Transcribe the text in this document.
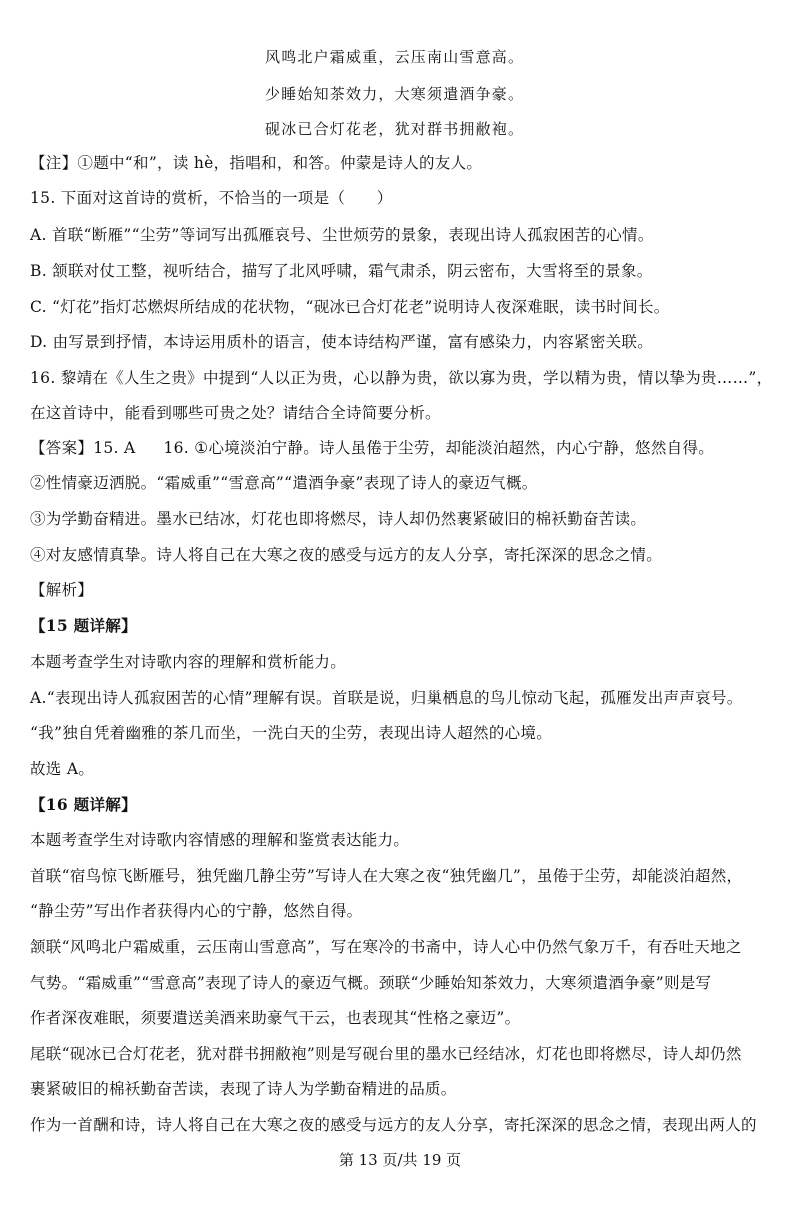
风鸣北户霜威重，云压南山雪意高。
少睡始知茶效力，大寒须遣酒争豪。
砚冰已合灯花老，犹对群书拥敝袍。
【注】①题中“和”，读 hè，指唱和，和答。仲蒙是诗人的友人。
15. 下面对这首诗的赏析，不恰当的一项是（　　）
A. 首联“断雁”“尘劳”等词写出孤雁哀号、尘世烦劳的景象，表现出诗人孤寂困苦的心情。
B. 颔联对仗工整，视听结合，描写了北风呼啸，霜气肃杀，阴云密布，大雪将至的景象。
C. “灯花”指灯芯燃烬所结成的花状物，“砚冰已合灯花老”说明诗人夜深难眠，读书时间长。
D. 由写景到抒情，本诗运用质朴的语言，使本诗结构严谨，富有感染力，内容紧密关联。
16. 黎靖在《人生之贵》中提到“人以正为贵，心以静为贵，欲以寡为贵，学以精为贵，情以挚为贵……”，
在这首诗中，能看到哪些可贵之处？请结合全诗简要分析。
【答案】15. A 16. ①心境淡泊宁静。诗人虽倦于尘劳，却能淡泊超然，内心宁静，悠然自得。
②性情豪迈洒脱。“霜威重”“雪意高”“遣酒争豪”表现了诗人的豪迈气概。
③为学勤奋精进。墨水已结冰，灯花也即将燃尽，诗人却仍然裹紧破旧的棉袄勤奋苦读。
④对友感情真挚。诗人将自己在大寒之夜的感受与远方的友人分享，寄托深深的思念之情。
【解析】
【15 题详解】
本题考查学生对诗歌内容的理解和赏析能力。
A.“表现出诗人孤寂困苦的心情”理解有误。首联是说，归巢栖息的鸟儿惊动飞起，孤雁发出声声哀号。
“我”独自凭着幽雅的茶几而坐，一洗白天的尘劳，表现出诗人超然的心境。
故选 A。
【16 题详解】
本题考查学生对诗歌内容情感的理解和鉴赏表达能力。
首联“宿鸟惊飞断雁号，独凭幽几静尘劳”写诗人在大寒之夜“独凭幽几”，虽倦于尘劳，却能淡泊超然，
“静尘劳”写出作者获得内心的宁静，悠然自得。
颔联“风鸣北户霜威重，云压南山雪意高”，写在寒冷的书斋中，诗人心中仍然气象万千，有吞吐天地之
气势。“霜威重”“雪意高”表现了诗人的豪迈气概。颈联“少睡始知茶效力，大寒须遣酒争豪”则是写
作者深夜难眠，须要遣送美酒来助豪气干云，也表现其“性格之豪迈”。
尾联“砚冰已合灯花老，犹对群书拥敝袍”则是写砚台里的墨水已经结冰，灯花也即将燃尽，诗人却仍然
裹紧破旧的棉袄勤奋苦读，表现了诗人为学勤奋精进的品质。
作为一首酬和诗，诗人将自己在大寒之夜的感受与远方的友人分享，寄托深深的思念之情，表现出两人的
第 13 页/共 19 页
